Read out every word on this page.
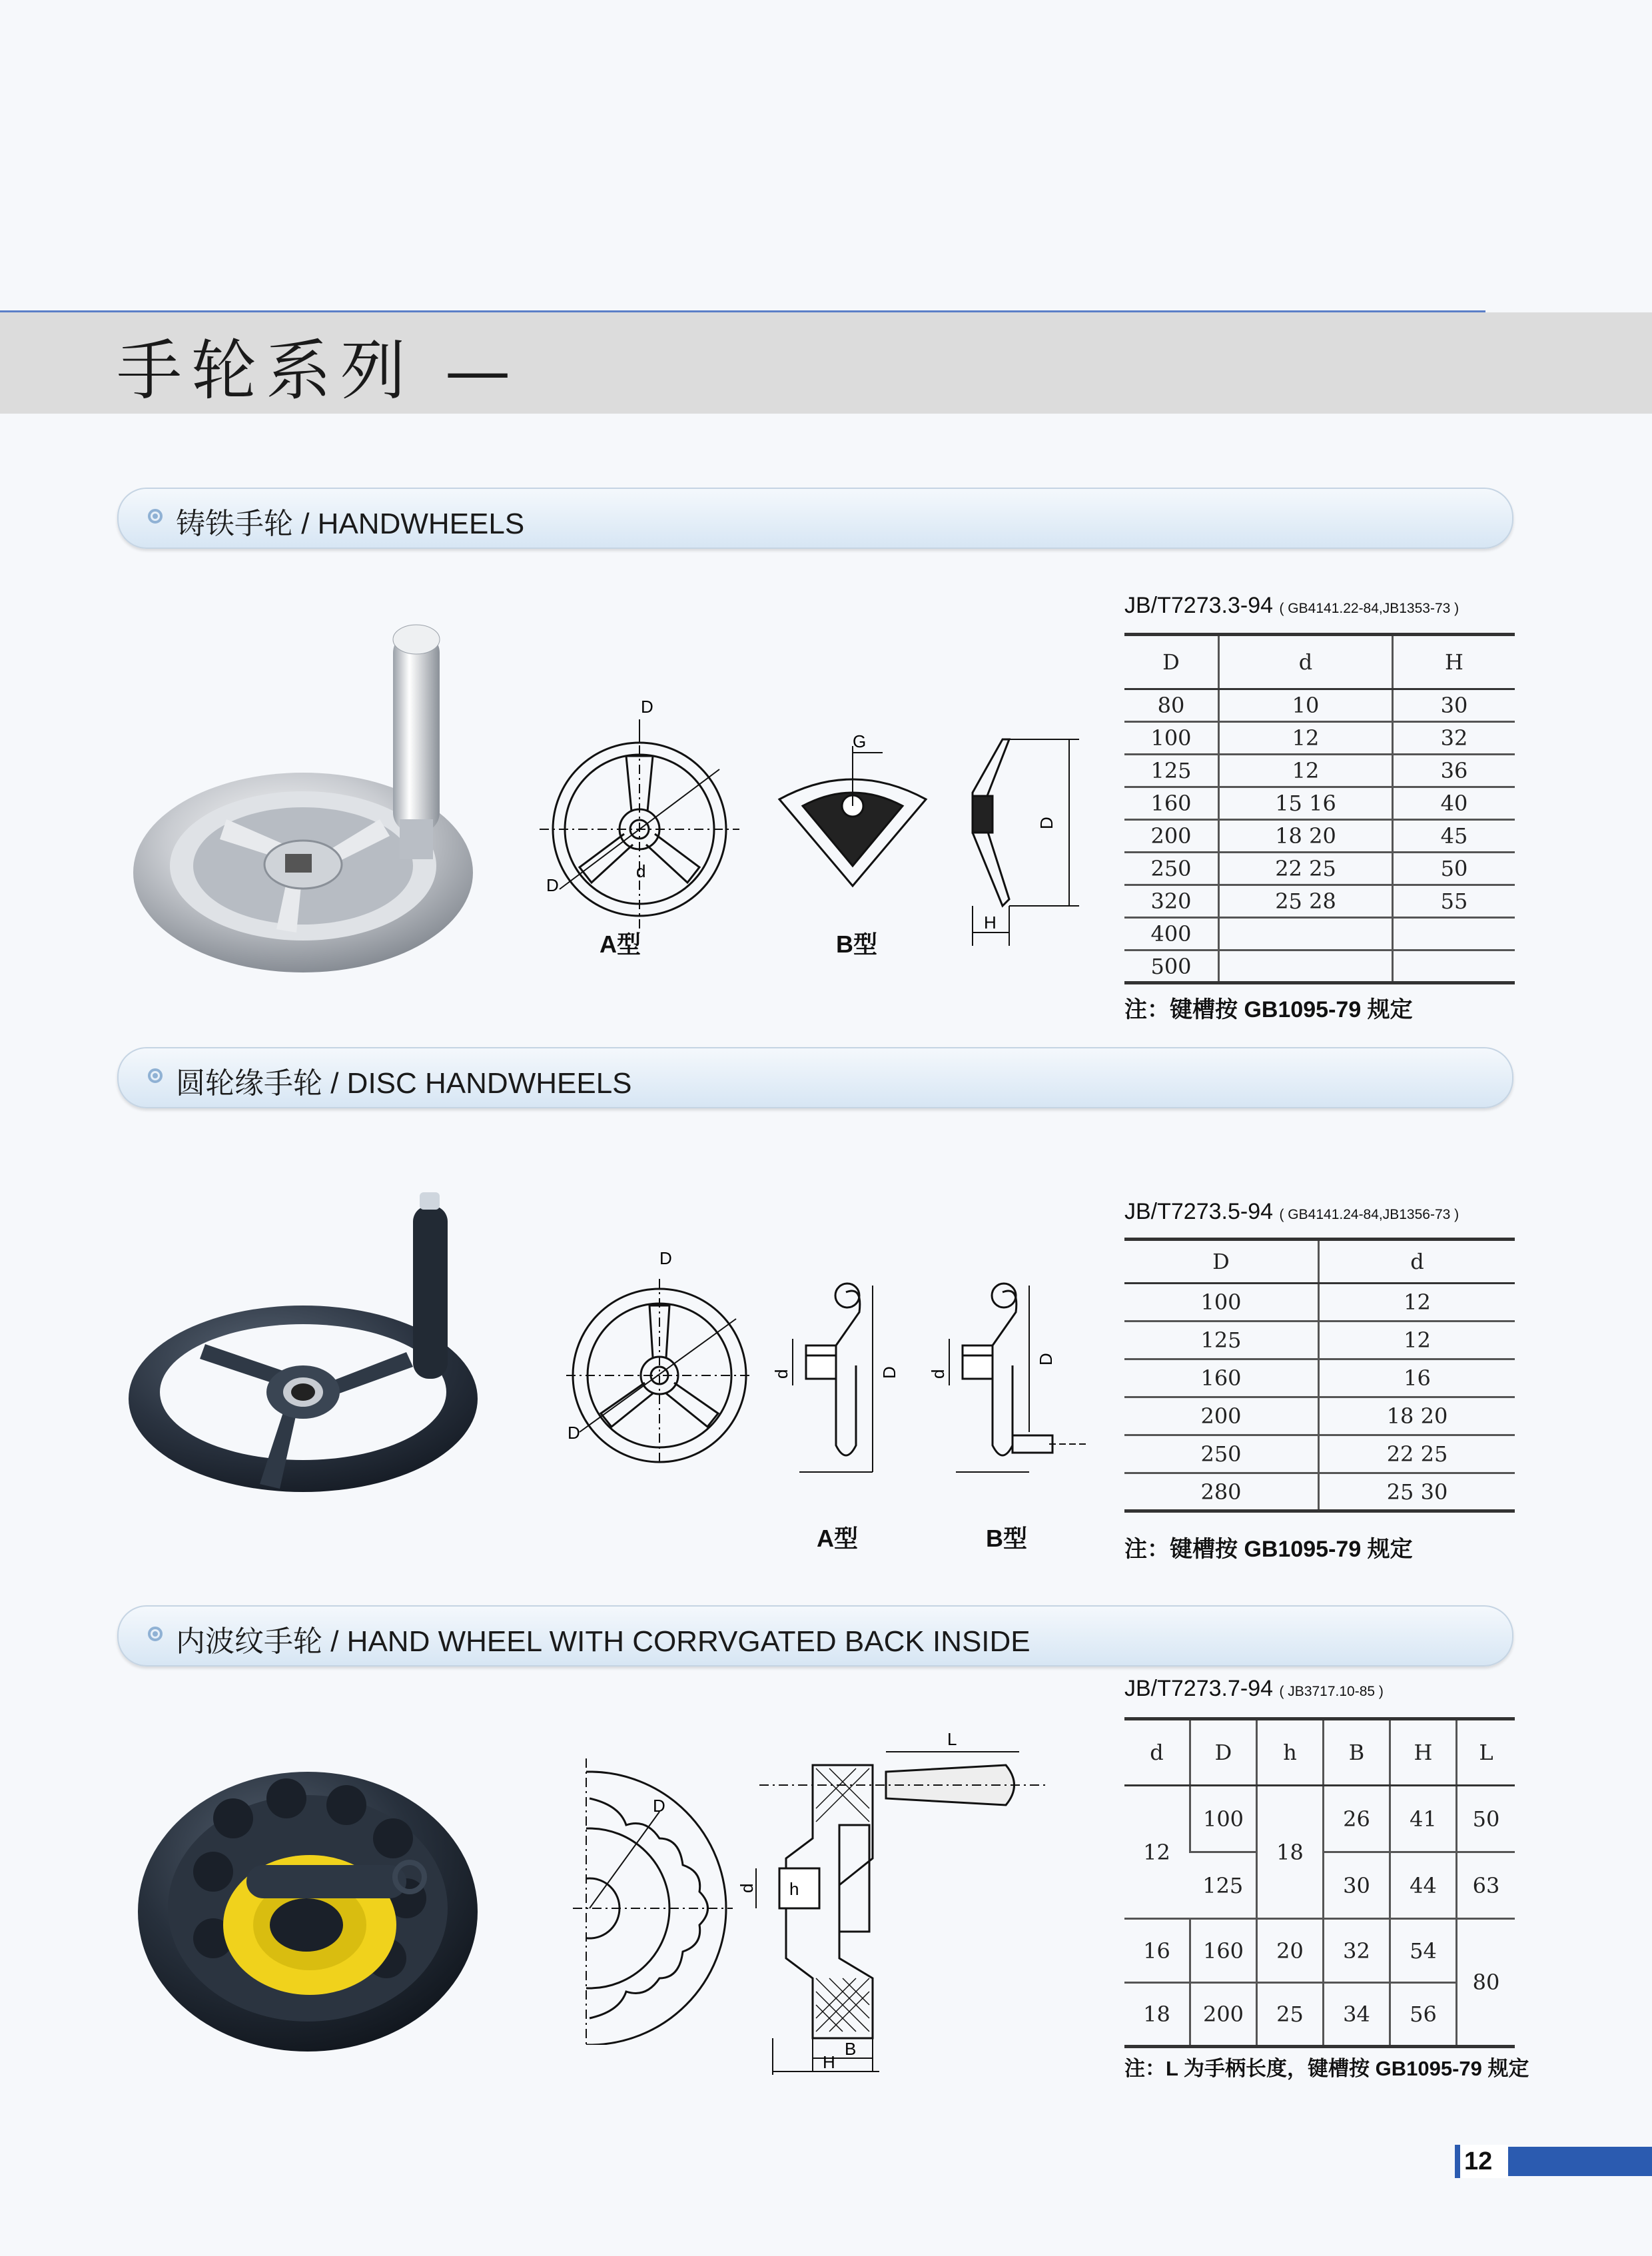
手轮系列 —
铸铁手轮 / HANDWHEELS
D
D
d
A型
G
B型
D
H
JB/T7273.3-94 ( GB4141.22-84,JB1353-73 )
D	d	H
80	10	30
100	12	32
125	12	36
160	15 16	40
200	18 20	45
250	22 25	50
320	25 28	55
400		
500		
注：键槽按 GB1095-79 规定
圆轮缘手轮 / DISC HANDWHEELS
D
D
D
d
A型
D
d
B型
JB/T7273.5-94 ( GB4141.24-84,JB1356-73 )
D	d
100	12
125	12
160	16
200	18 20
250	22 25
280	25 30
注：键槽按 GB1095-79 规定
内波纹手轮 / HAND WHEEL WITH CORRVGATED BACK INSIDE
D
L
B
H
h
d
JB/T7273.7-94 ( JB3717.10-85 )
d	D	h	B	H	L
12	100	18	26	41	50
	125		30	44	63
16	160	20	32	54	80
18	200	25	34	56	
注：L 为手柄长度，键槽按 GB1095-79 规定
12
